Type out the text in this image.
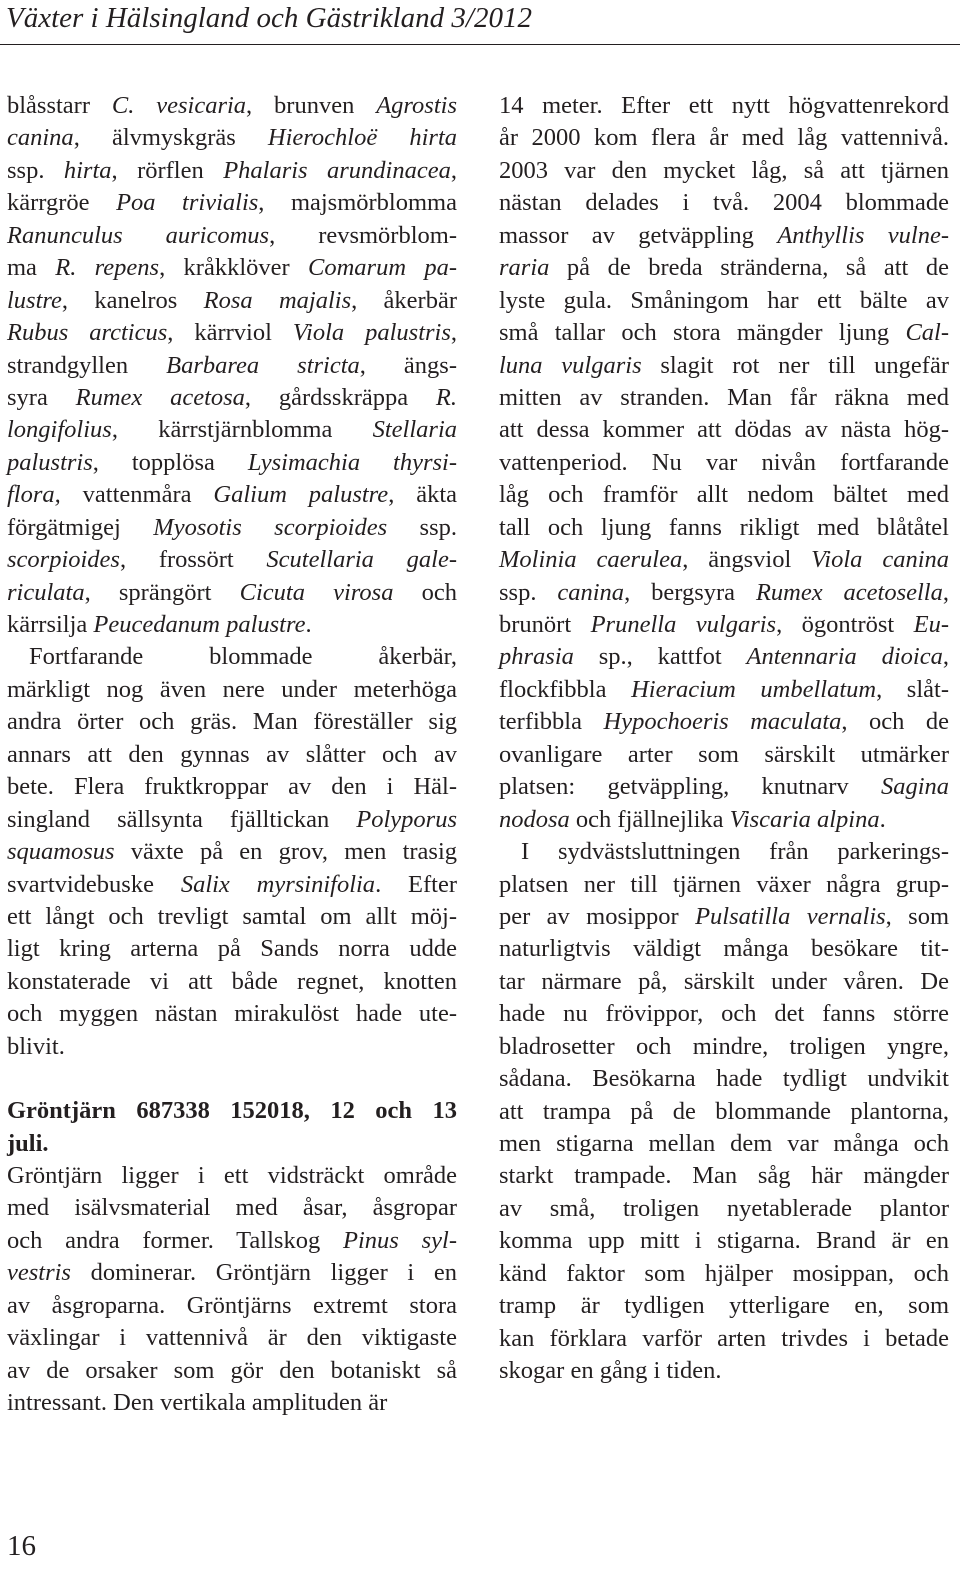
Växter i Hälsingland och Gästrikland 3/2012
blåsstarr C. vesicaria, brunven Agrostis
canina, älvmyskgräs Hierochloë hirta
ssp. hirta, rörflen Phalaris arundinacea,
kärrgröe Poa trivialis, majsmörblomma
Ranunculus auricomus, revsmörblom-
ma R. repens, kråkklöver Comarum pa-
lustre, kanelros Rosa majalis, åkerbär
Rubus arcticus, kärrviol Viola palustris,
strandgyllen Barbarea stricta, ängs-
syra Rumex acetosa, gårdsskräppa R.
longifolius, kärrstjärnblomma Stellaria
palustris, topplösa Lysimachia thyrsi-
flora, vattenmåra Galium palustre, äkta
förgätmigej Myosotis scorpioides ssp.
scorpioides, frossört Scutellaria gale-
riculata, sprängört Cicuta virosa och
kärrsilja Peucedanum palustre.
Fortfarande blommade åkerbär,
märkligt nog även nere under meterhöga
andra örter och gräs. Man föreställer sig
annars att den gynnas av slåtter och av
bete. Flera fruktkroppar av den i Häl-
singland sällsynta fjälltickan Polyporus
squamosus växte på en grov, men trasig
svartvidebuske Salix myrsinifolia. Efter
ett långt och trevligt samtal om allt möj-
ligt kring arterna på Sands norra udde
konstaterade vi att både regnet, knotten
och myggen nästan mirakulöst hade ute-
blivit.
Gröntjärn 687338 152018, 12 och 13
juli.
Gröntjärn ligger i ett vidsträckt område
med isälvsmaterial med åsar, åsgropar
och andra former. Tallskog Pinus syl-
vestris dominerar. Gröntjärn ligger i en
av åsgroparna. Gröntjärns extremt stora
växlingar i vattennivå är den viktigaste
av de orsaker som gör den botaniskt så
intressant. Den vertikala amplituden är
14 meter. Efter ett nytt högvattenrekord
år 2000 kom flera år med låg vattennivå.
2003 var den mycket låg, så att tjärnen
nästan delades i två. 2004 blommade
massor av getväppling Anthyllis vulne-
raria på de breda stränderna, så att de
lyste gula. Småningom har ett bälte av
små tallar och stora mängder ljung Cal-
luna vulgaris slagit rot ner till ungefär
mitten av stranden. Man får räkna med
att dessa kommer att dödas av nästa hög-
vattenperiod. Nu var nivån fortfarande
låg och framför allt nedom bältet med
tall och ljung fanns rikligt med blåtåtel
Molinia caerulea, ängsviol Viola canina
ssp. canina, bergsyra Rumex acetosella,
brunört Prunella vulgaris, ögontröst Eu-
phrasia sp., kattfot Antennaria dioica,
flockfibbla Hieracium umbellatum, slåt-
terfibbla Hypochoeris maculata, och de
ovanligare arter som särskilt utmärker
platsen: getväppling, knutnarv Sagina
nodosa och fjällnejlika Viscaria alpina.
I sydvästsluttningen från parkerings-
platsen ner till tjärnen växer några grup-
per av mosippor Pulsatilla vernalis, som
naturligtvis väldigt många besökare tit-
tar närmare på, särskilt under våren. De
hade nu frövippor, och det fanns större
bladrosetter och mindre, troligen yngre,
sådana. Besökarna hade tydligt undvikit
att trampa på de blommande plantorna,
men stigarna mellan dem var många och
starkt trampade. Man såg här mängder
av små, troligen nyetablerade plantor
komma upp mitt i stigarna. Brand är en
känd faktor som hjälper mosippan, och
tramp är tydligen ytterligare en, som
kan förklara varför arten trivdes i betade
skogar en gång i tiden.
16
